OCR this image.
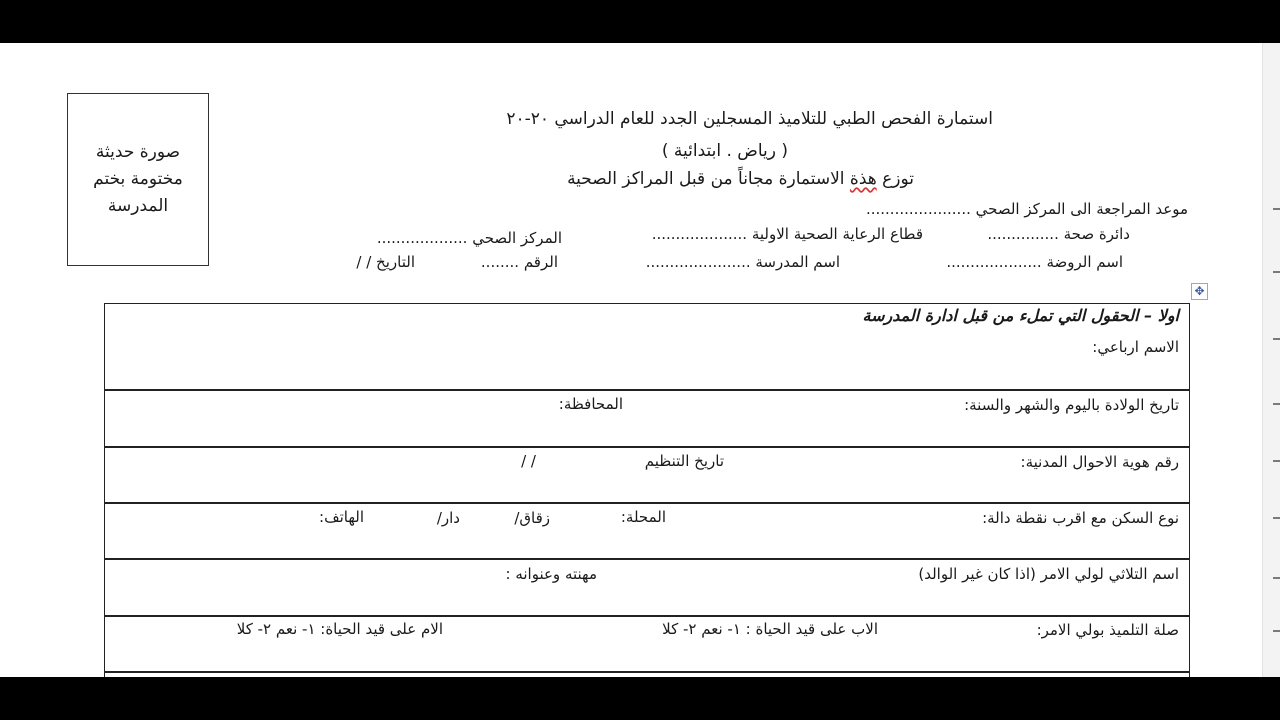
صورة حديثة
مختومة بختم
المدرسة
استمارة الفحص الطبي للتلاميذ المسجلين الجدد للعام الدراسي ٢٠-٢٠
( رياض . ابتدائية )
توزع هذة الاستمارة مجاناً من قبل المراكز الصحية
موعد المراجعة الى المركز الصحي ......................
دائرة صحة ...............
قطاع الرعاية الصحية الاولية ....................
المركز الصحي ...................
اسم الروضة ....................
اسم المدرسة ......................
الرقم ........
التاريخ / /
✥
اولا – الحقول التي تملء من قبل ادارة المدرسة
الاسم ارباعي:
تاريخ الولادة باليوم والشهر والسنة:
المحافظة:
رقم هوية الاحوال المدنية:
تاريخ التنظيم
/ /
نوع السكن مع اقرب نقطة دالة:
المحلة:
زقاق/
دار/
الهاتف:
اسم التلاثي لولي الامر (اذا كان غير الوالد)
مهنته وعنوانه :
صلة التلميذ بولي الامر:
الاب على قيد الحياة : ١- نعم ٢- كلا
الام على قيد الحياة: ١- نعم ٢- كلا
